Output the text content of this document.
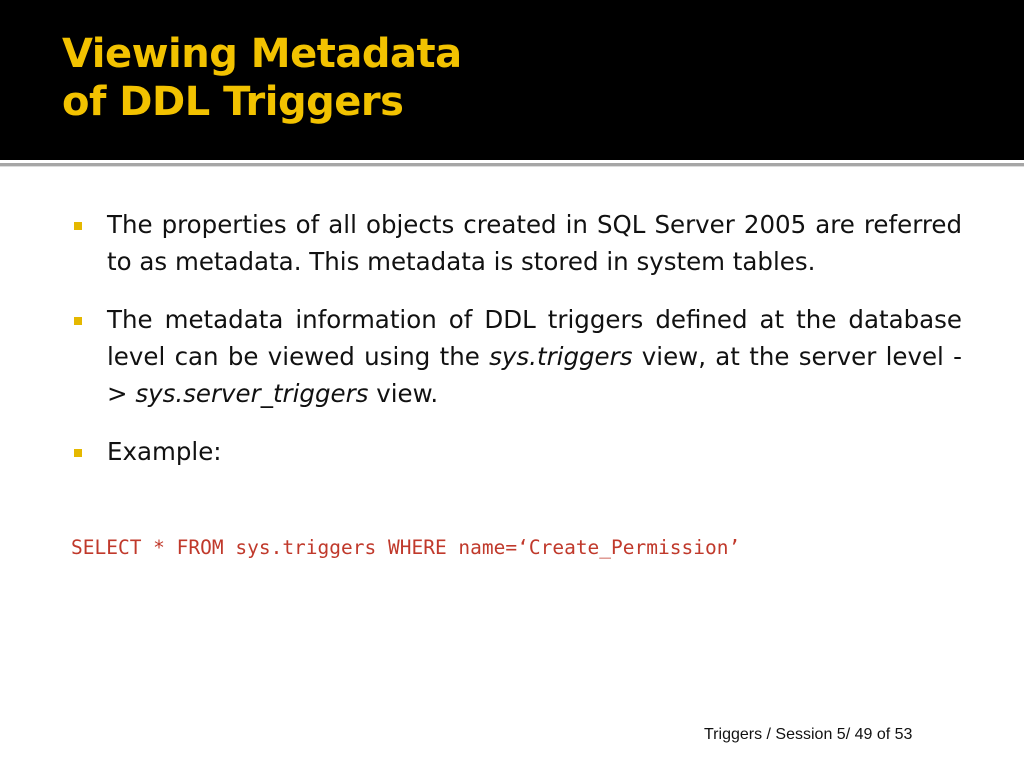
Viewing Metadata
of DDL Triggers

The properties of all objects created in SQL Server 2005 are referred to as metadata. This metadata is stored in system tables.

The metadata information of DDL triggers defined at the database level can be viewed using the sys.triggers view, at the server level -> sys.server_triggers view.

Example:

SELECT * FROM sys.triggers WHERE name=‘Create_Permission’
Triggers / Session 5/ 49 of 53
